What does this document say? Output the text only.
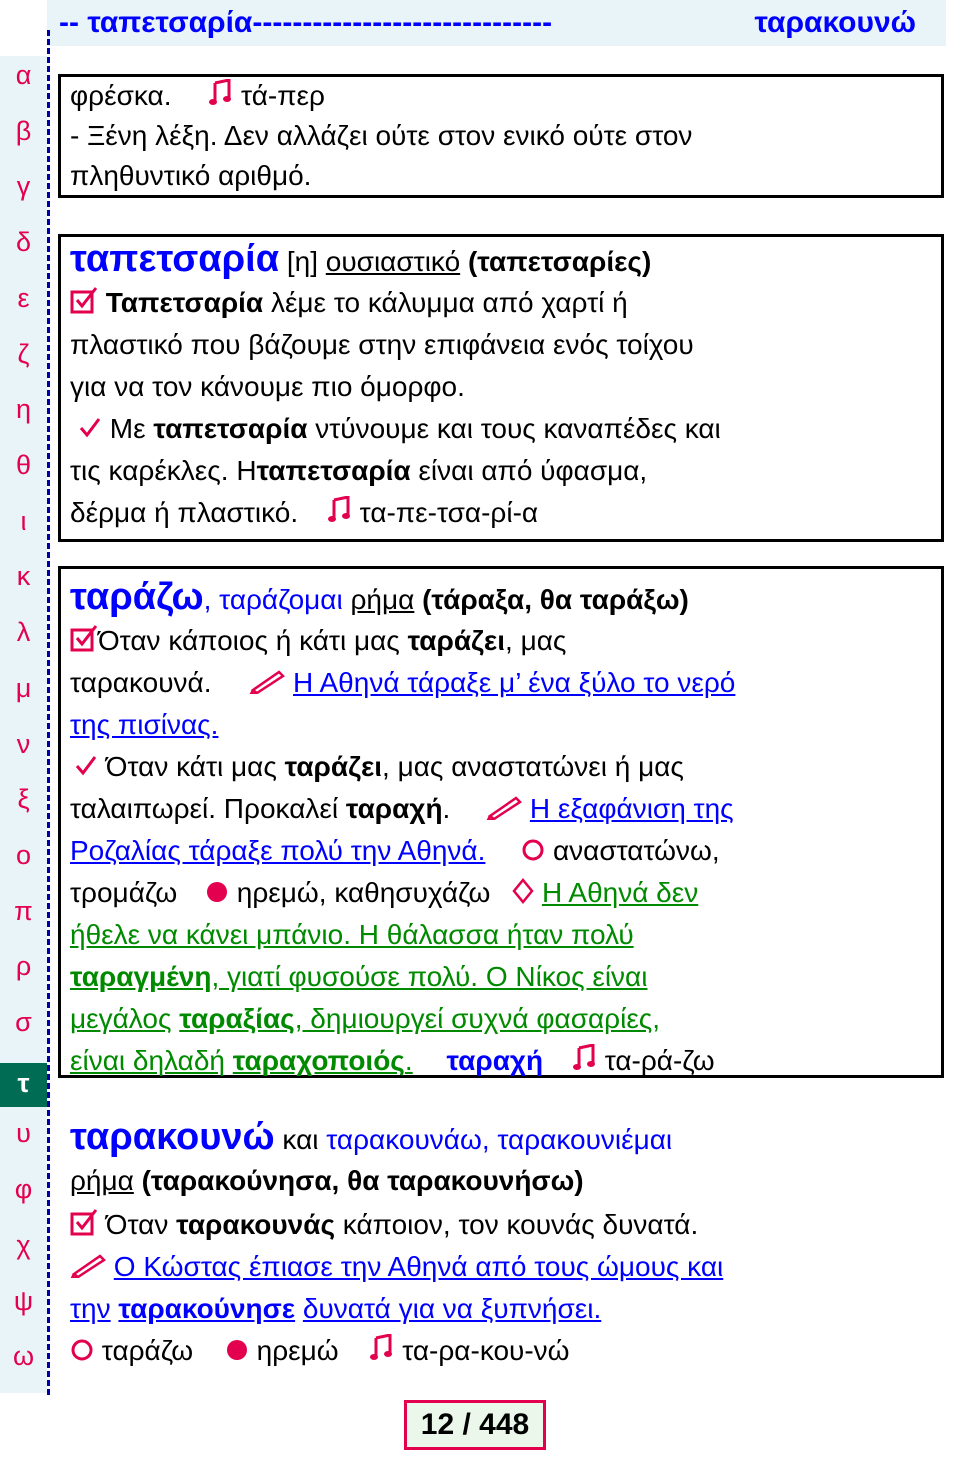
-- ταπετσαρία------------------------------	ταρακουνώ
α
β
γ
δ
ε
ζ
η
θ
ι
κ
λ
μ
ν
ξ
ο
π
ρ
σ
τ
υ
φ
χ
ψ
ω
φρέσκα. τά-περ
- Ξένη λέξη. Δεν αλλάζει ούτε στον ενικό ούτε στον
πληθυντικό αριθμό.
ταπετσαρία [η] ουσιαστικό (ταπετσαρίες)
Ταπετσαρία λέμε το κάλυμμα από χαρτί ή
πλαστικό που βάζουμε στην επιφάνεια ενός τοίχου
για να τον κάνουμε πιο όμορφο.
Με ταπετσαρία ντύνουμε και τους καναπέδες και
τις καρέκλες. Ηταπετσαρία είναι από ύφασμα,
δέρμα ή πλαστικό. τα-πε-τσα-ρί-α
ταράζω, ταράζομαι ρήμα (τάραξα, θα ταράξω)
Όταν κάποιος ή κάτι μας ταράζει, μας
ταρακουνά.	Η Αθηνά τάραξε μ’ ένα ξύλο το νερό
της πισίνας.
Όταν κάτι μας ταράζει, μας αναστατώνει ή μας
ταλαιπωρεί. Προκαλεί ταραχή.	Η εξαφάνιση της
Ροζαλίας τάραξε πολύ την Αθηνά. αναστατώνω,
τρομάζω ηρεμώ, καθησυχάζω Η Αθηνά δεν
ήθελε να κάνει μπάνιο. Η θάλασσα ήταν πολύ
ταραγμένη, γιατί φυσούσε πολύ. Ο Νίκος είναι
μεγάλος ταραξίας, δημιουργεί συχνά φασαρίες,
είναι δηλαδή ταραχοποιός. ταραχή τα-ρά-ζω
ταρακουνώ και ταρακουνάω, ταρακουνιέμαι
ρήμα (ταρακούνησα, θα ταρακουνήσω)
Όταν ταρακουνάς κάποιον, τον κουνάς δυνατά.
Ο Κώστας έπιασε την Αθηνά από τους ώμους και
την ταρακούνησε δυνατά για να ξυπνήσει.
ταράζω ηρεμώ τα-ρα-κου-νώ
12 / 448
